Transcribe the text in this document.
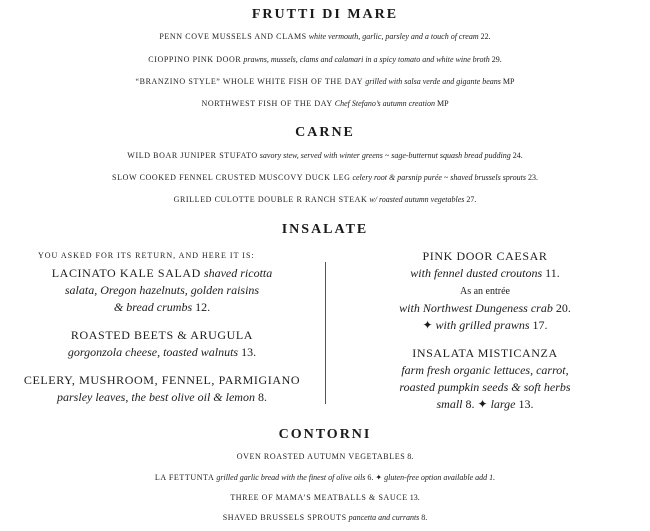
FRUTTI DI MARE
PENN COVE MUSSELS AND CLAMS white vermouth, garlic, parsley and a touch of cream 22.
CIOPPINO PINK DOOR prawns, mussels, clams and calamari in a spicy tomato and white wine broth 29.
“BRANZINO STYLE” WHOLE WHITE FISH OF THE DAY grilled with salsa verde and gigante beans MP
NORTHWEST FISH OF THE DAY Chef Stefano’s autumn creation MP
CARNE
WILD BOAR JUNIPER STUFATO savory stew, served with winter greens ~ sage-butternut squash bread pudding 24.
SLOW COOKED FENNEL CRUSTED MUSCOVY DUCK LEG celery root & parsnip purée ~ shaved brussels sprouts 23.
GRILLED CULOTTE DOUBLE R RANCH STEAK w/ roasted autumn vegetables 27.
INSALATE
YOU ASKED FOR ITS RETURN, AND HERE IT IS:
LACINATO KALE SALAD shaved ricotta
salata, Oregon hazelnuts, golden raisins
& bread crumbs 12.
ROASTED BEETS & ARUGULA
gorgonzola cheese, toasted walnuts 13.
CELERY, MUSHROOM, FENNEL, PARMIGIANO
parsley leaves, the best olive oil & lemon 8.
PINK DOOR CAESAR
with fennel dusted croutons 11.
As an entrée
with Northwest Dungeness crab 20.
✦ with grilled prawns 17.
INSALATA MISTICANZA
farm fresh organic lettuces, carrot,
roasted pumpkin seeds & soft herbs
small 8. ✦ large 13.
CONTORNI
OVEN ROASTED AUTUMN VEGETABLES 8.
LA FETTUNTA grilled garlic bread with the finest of olive oils 6. ✦ gluten-free option available add 1.
THREE OF MAMA’S MEATBALLS & SAUCE 13.
SHAVED BRUSSELS SPROUTS pancetta and currants 8.
